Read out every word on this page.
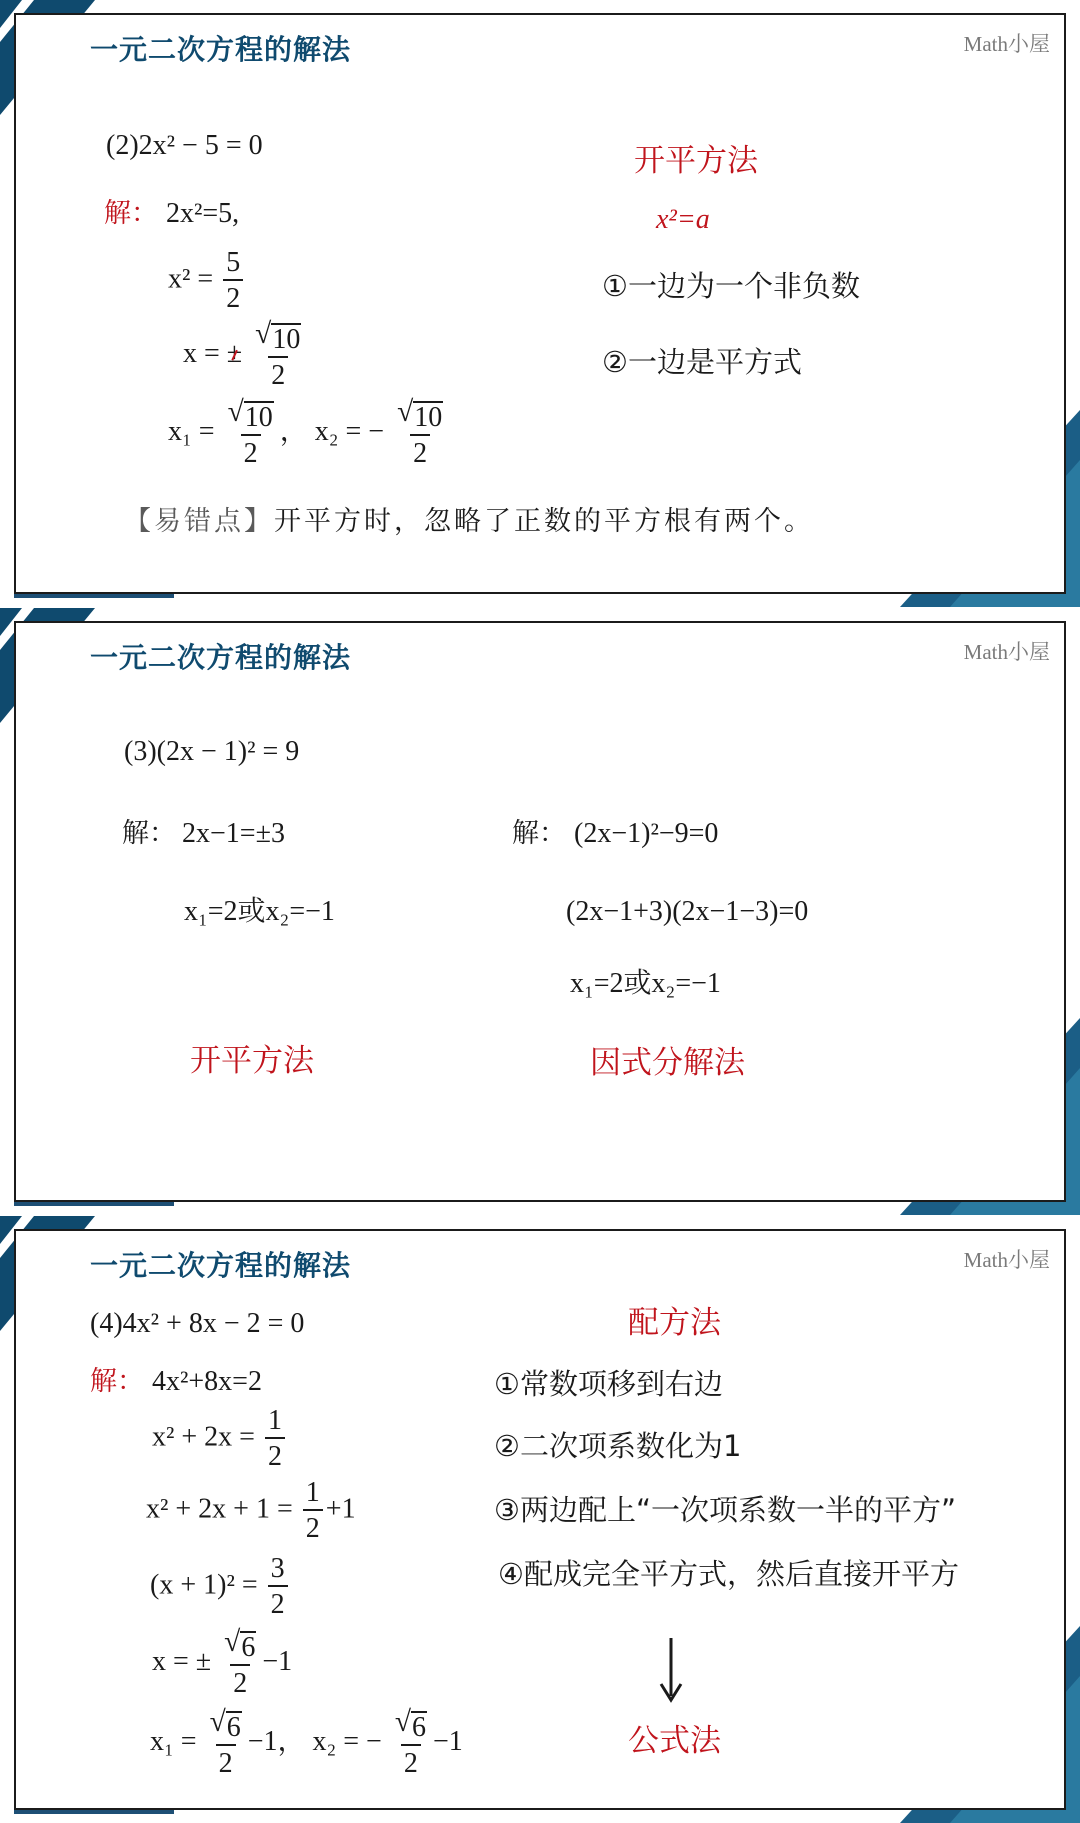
一元二次方程的解法	Math小屋
(2)2x² − 5 = 0
解： 2x²=5,
$x^2 = \frac{5}{2}$
x = ± $\frac{√ 10}{2}$
$x_1 = \frac{√ 10}{2}$ ， x₂ = − $\frac{√ 10}{2}$
开平方法
x²=a
①一边为一个非负数
②一边是平方式
【易错点】开平方时，忽略了正数的平方根有两个。
一元二次方程的解法	Math小屋
(3)(2x − 1)² = 9
解： 2x−1=±3
x₁=2或x₂=−1
解： (2x−1)²−9=0
(2x−1+3)(2x−1−3)=0
x₁=2或x₂=−1
开平方法	因式分解法
一元二次方程的解法	Math小屋
(4)4x² + 8x − 2 = 0
解： 4x²+8x=2
$x^2 + 2x = \frac{1}{2}$
$x^2 + 2x + 1 = \frac{1}{2} +1$
$(x + 1)^2 = \frac{3}{2}$
x = ± $\frac{√ 6}{2} -1$
$x_1 = \frac{√ 6}{2} -1$， x₂ = − $\frac{√ 6}{2} -1$
配方法
①常数项移到右边
②二次项系数化为1
③两边配上“一次项系数一半的平方”
④配成完全平方式，然后直接开平方
公式法
